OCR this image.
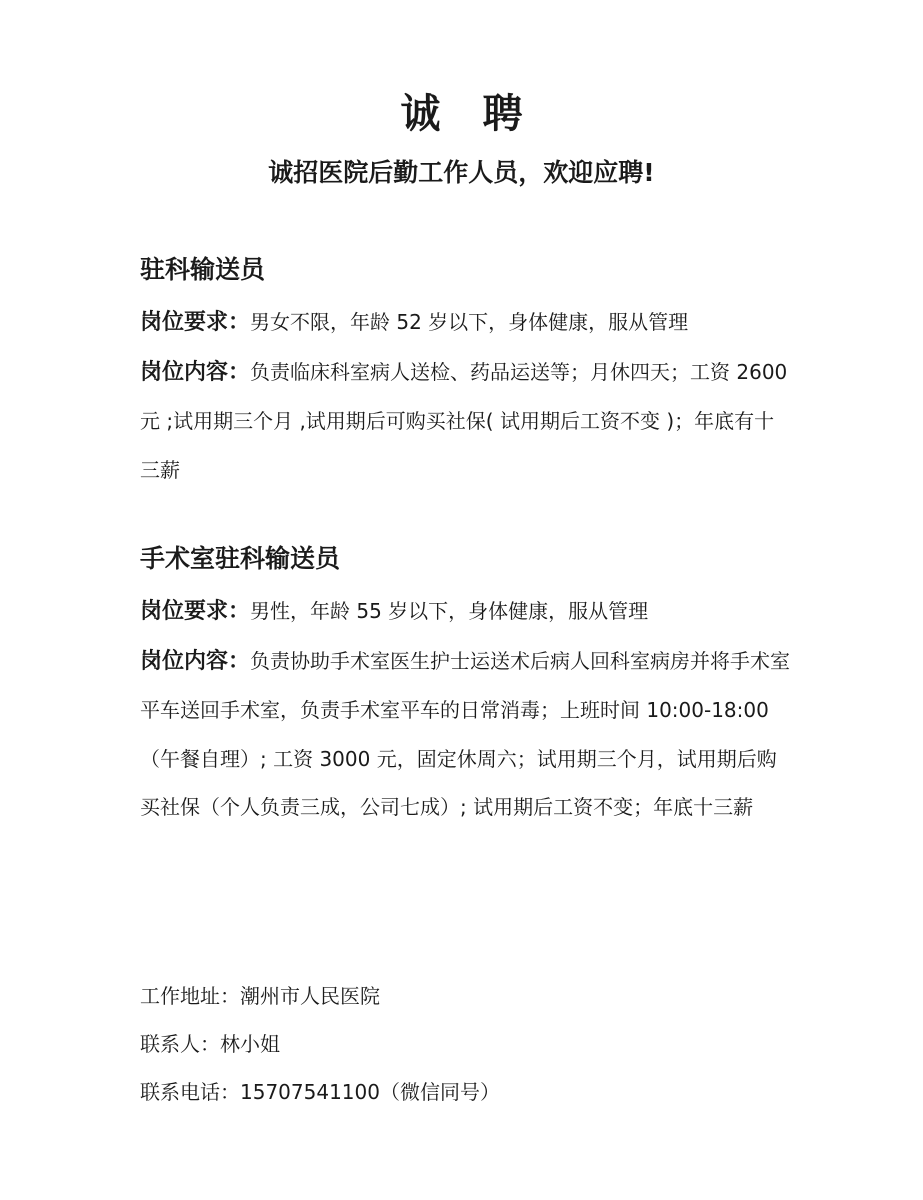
诚 聘
诚招医院后勤工作人员，欢迎应聘!
驻科输送员

岗位要求：男女不限，年龄 52 岁以下，身体健康，服从管理

岗位内容：负责临床科室病人送检、药品运送等；月休四天；工资 2600 元 ;试用期三个月 ,试用期后可购买社保( 试用期后工资不变 )；年底有十三薪

手术室驻科输送员

岗位要求：男性，年龄 55 岁以下，身体健康，服从管理

岗位内容：负责协助手术室医生护士运送术后病人回科室病房并将手术室平车送回手术室，负责手术室平车的日常消毒；上班时间 10:00-18:00（午餐自理）; 工资 3000 元，固定休周六；试用期三个月，试用期后购买社保（个人负责三成，公司七成）; 试用期后工资不变；年底十三薪

工作地址：潮州市人民医院

联系人：林小姐

联系电话：15707541100（微信同号）
